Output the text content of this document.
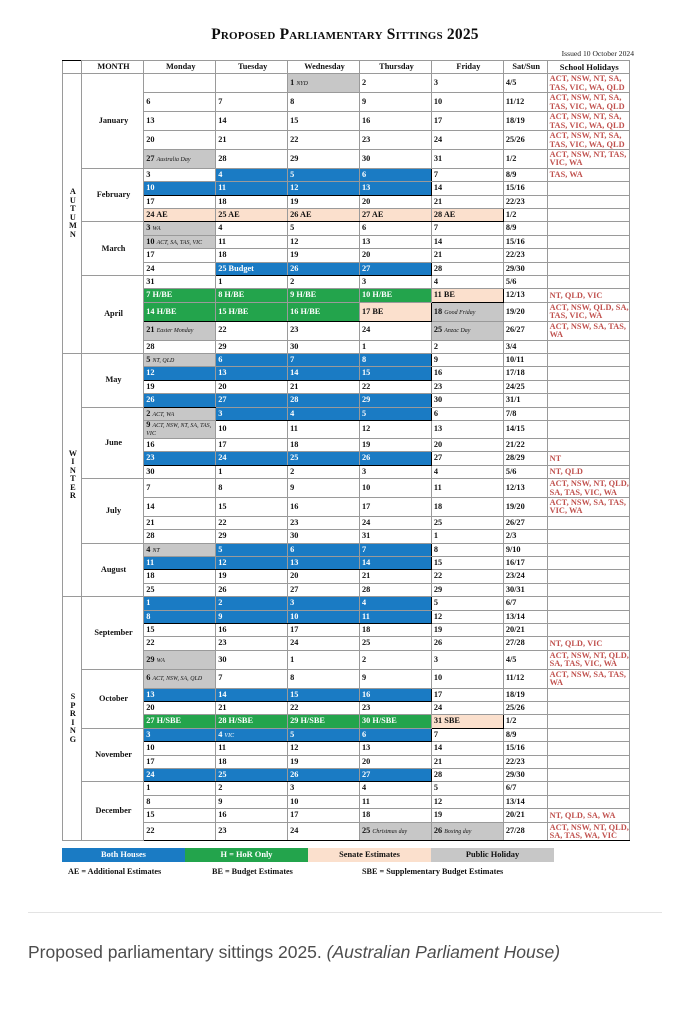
Proposed Parliamentary Sittings 2025
Issued 10 October 2024
	MONTH	Monday	Tuesday	Wednesday	Thursday	Friday	Sat/Sun	School Holidays
A
U
T
U
M
N	January			1 NYD	2	3	4/5	ACT, NSW, NT, SA, TAS, VIC, WA, QLD

		6	7	8	9	10	11/12	ACT, NSW, NT, SA, TAS, VIC, WA, QLD

		13	14	15	16	17	18/19	ACT, NSW, NT, SA, TAS, VIC, WA, QLD

		20	21	22	23	24	25/26	ACT, NSW, NT, SA, TAS, VIC, WA, QLD

		27 Australia Day	28	29	30	31	1/2	ACT, NSW, NT, TAS, VIC, WA

	February	3	4	5	6	7	8/9	TAS, WA

		10	11	12	13	14	15/16	
		17	18	19	20	21	22/23	
		24 AE	25 AE	26 AE	27 AE	28 AE	1/2	
	March	3 WA	4	5	6	7	8/9	
		10 ACT, SA, TAS, VIC	11	12	13	14	15/16	
		17	18	19	20	21	22/23	
		24	25 Budget	26	27	28	29/30	
	April	31	1	2	3	4	5/6	
		7 H/BE	8 H/BE	9 H/BE	10 H/BE	11 BE	12/13	NT, QLD, VIC

		14 H/BE	15 H/BE	16 H/BE	17 BE	18 Good Friday	19/20	ACT, NSW, QLD, SA, TAS, VIC, WA

		21 Easter Monday	22	23	24	25 Anzac Day	26/27	ACT, NSW, SA, TAS, WA

		28	29	30	1	2	3/4	
W
I
N
T
E
R	May	5 NT, QLD	6	7	8	9	10/11	
		12	13	14	15	16	17/18	
		19	20	21	22	23	24/25	
		26	27	28	29	30	31/1	
	June	2 ACT, WA	3	4	5	6	7/8	
		9 ACT, NSW, NT, SA, TAS, VIC	10	11	12	13	14/15	
		16	17	18	19	20	21/22	
		23	24	25	26	27	28/29	NT

		30	1	2	3	4	5/6	NT, QLD

	July	7	8	9	10	11	12/13	ACT, NSW, NT, QLD, SA, TAS, VIC, WA

		14	15	16	17	18	19/20	ACT, NSW, SA, TAS, VIC, WA

		21	22	23	24	25	26/27	
		28	29	30	31	1	2/3	
	August	4 NT	5	6	7	8	9/10	
		11	12	13	14	15	16/17	
		18	19	20	21	22	23/24	
		25	26	27	28	29	30/31	
S
P
R
I
N
G	September	1	2	3	4	5	6/7	
		8	9	10	11	12	13/14	
		15	16	17	18	19	20/21	
		22	23	24	25	26	27/28	NT, QLD, VIC

		29 WA	30	1	2	3	4/5	ACT, NSW, NT, QLD, SA, TAS, VIC, WA

	October	6 ACT, NSW, SA, QLD	7	8	9	10	11/12	ACT, NSW, SA, TAS, WA

		13	14	15	16	17	18/19	
		20	21	22	23	24	25/26	
		27 H/SBE	28 H/SBE	29 H/SBE	30 H/SBE	31 SBE	1/2	
	November	3	4 VIC	5	6	7	8/9	
		10	11	12	13	14	15/16	
		17	18	19	20	21	22/23	
		24	25	26	27	28	29/30	
	December	1	2	3	4	5	6/7	
		8	9	10	11	12	13/14	
		15	16	17	18	19	20/21	NT, QLD, SA, WA

		22	23	24	25 Christmas day	26 Boxing day	27/28	ACT, NSW, NT, QLD, SA, TAS, WA, VIC
Both Houses	H = HoR Only	Senate Estimates	Public Holiday
AE = Additional Estimates	BE = Budget Estimates	SBE = Supplementary Budget Estimates
Proposed parliamentary sittings 2025. (Australian Parliament House)
